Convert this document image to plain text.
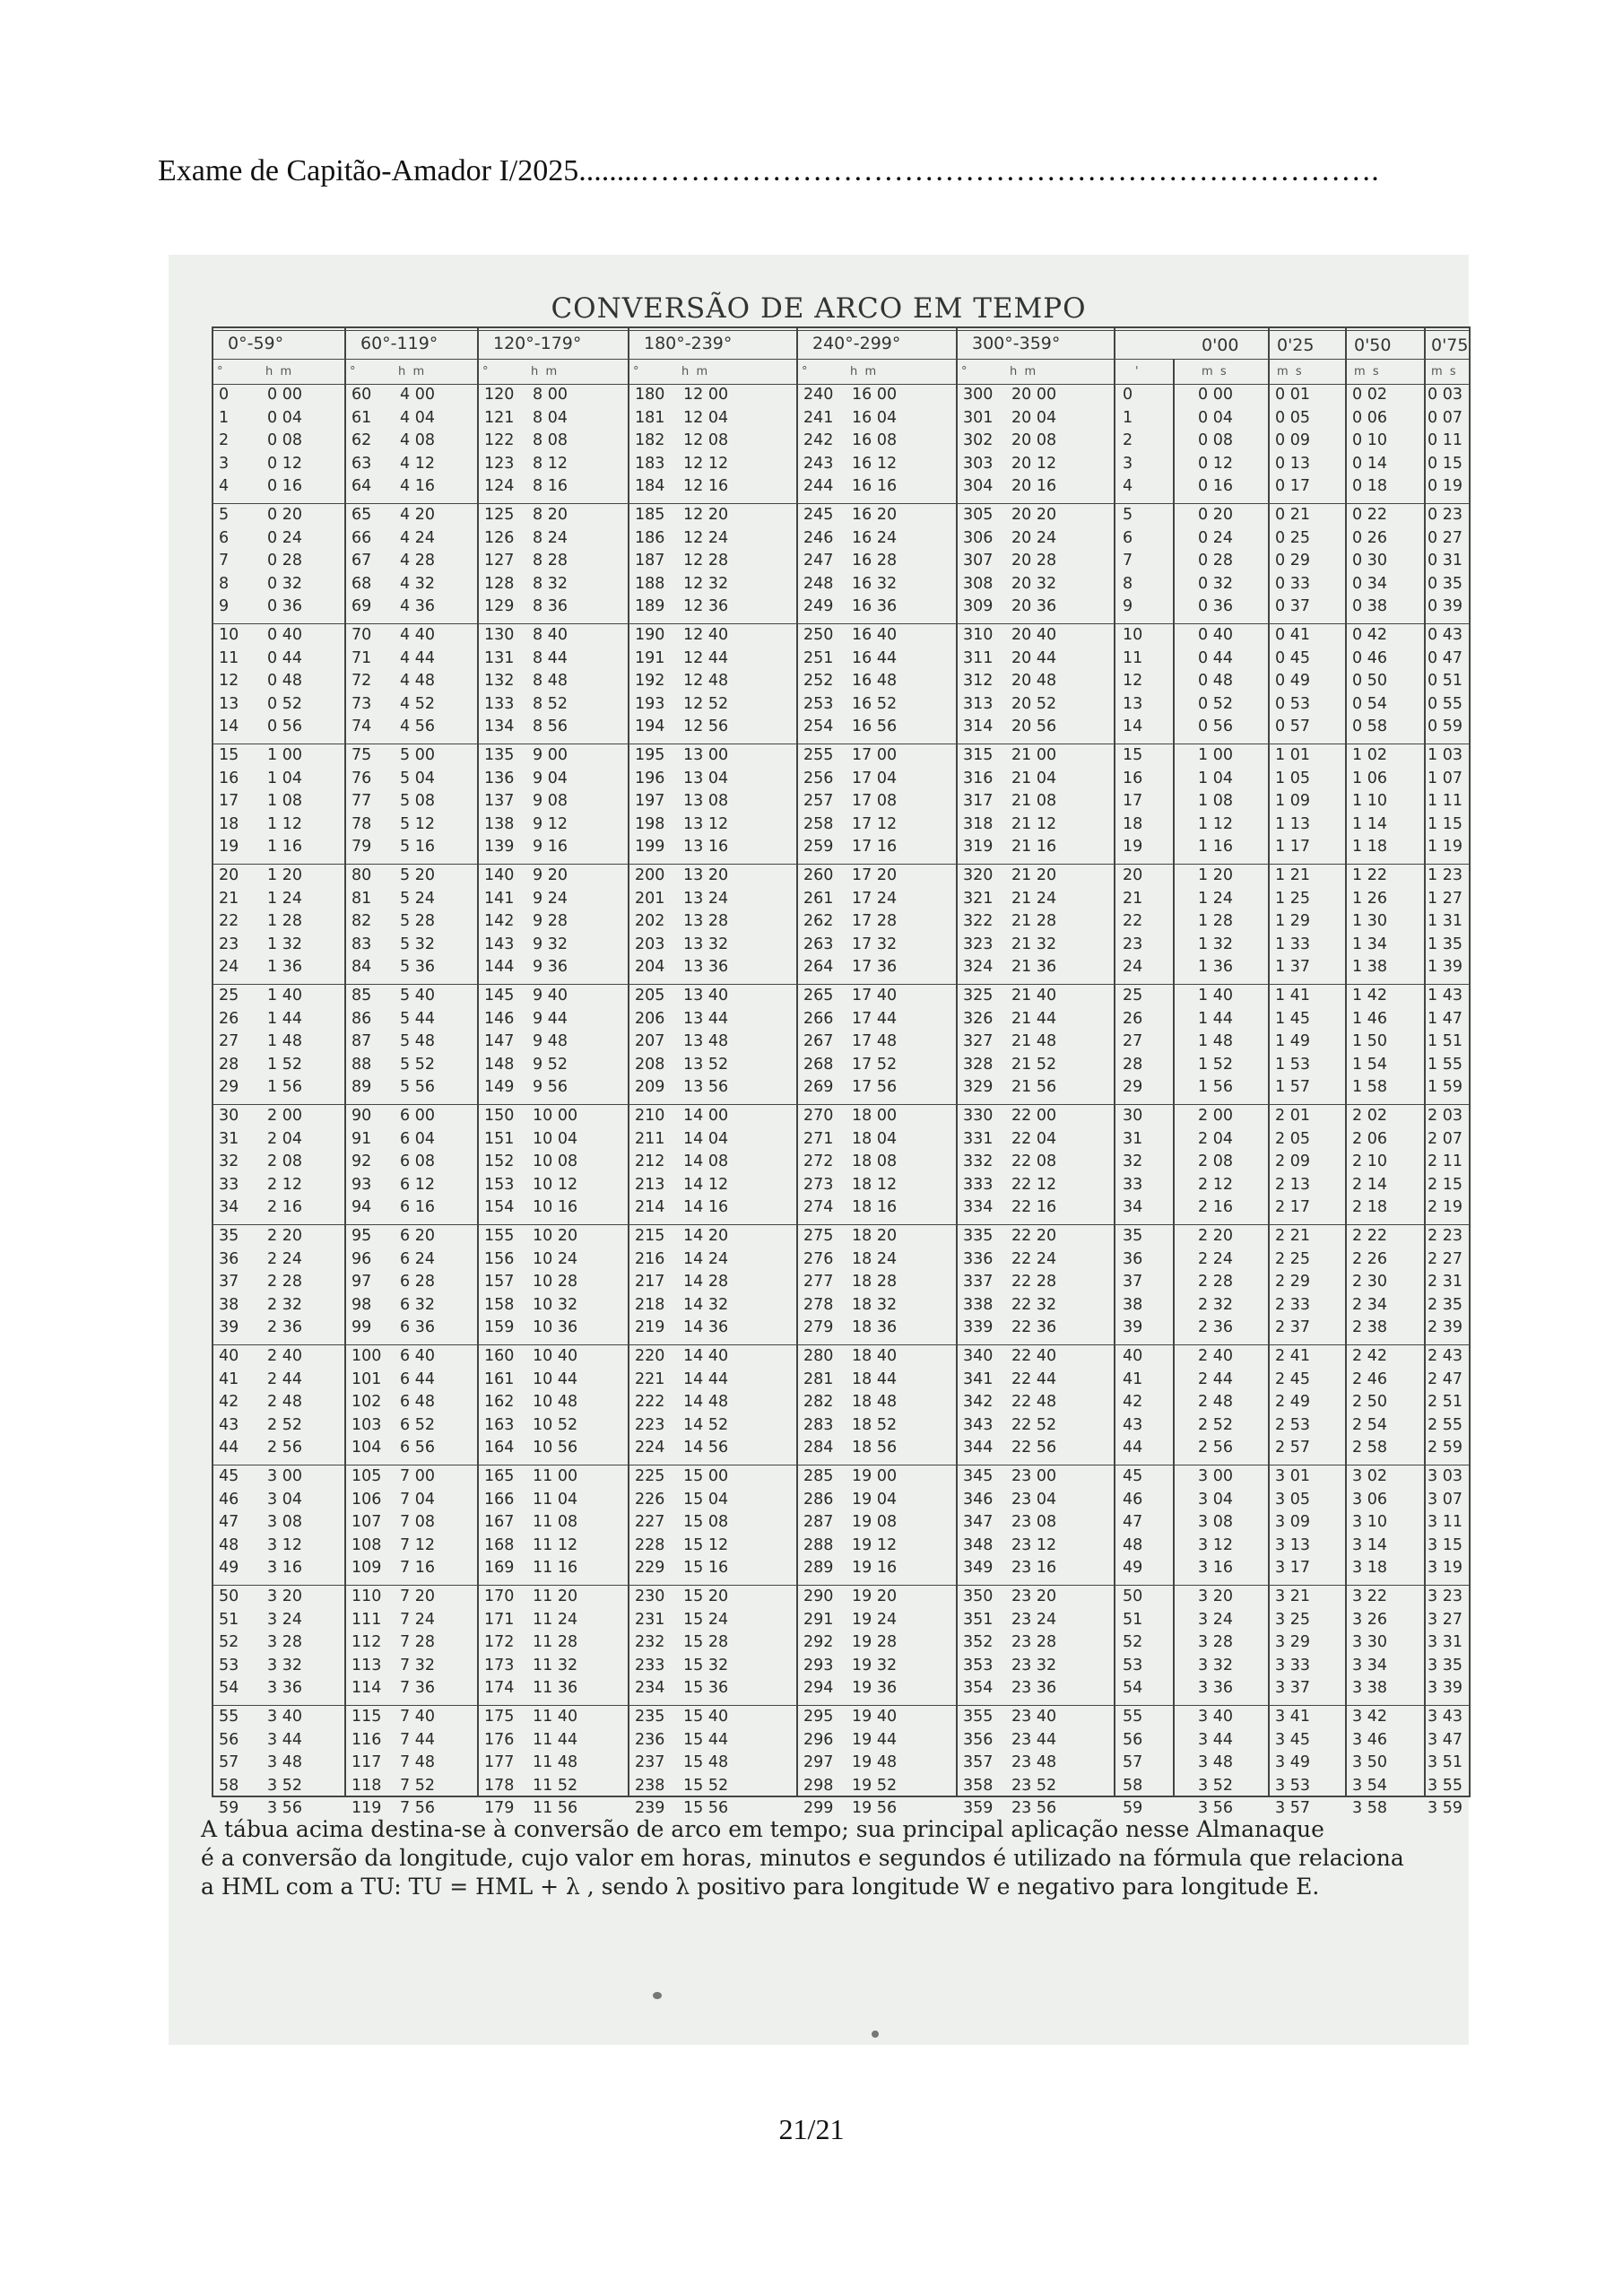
Exame de Capitão-Amador I/2025........……………………………………………………………….
CONVERSÃO DE ARCO EM TEMPO
0°-59°	60°-119°	120°-179°	180°-239°	240°-299°	300°-359°	0'00 0'25 0'50 0'75
°	h  m	°	h  m	°	h  m	°	h  m	°	h  m	°	h  m	'	m  s	m  s	m  s	m  s
0 0 00	60 4 00	120 8 00	180 12 00	240 16 00	300 20 00	0	0 00	0 01	0 02	0 03
1 0 04	61 4 04	121 8 04	181 12 04	241 16 04	301 20 04	1	0 04	0 05	0 06	0 07
2 0 08	62 4 08	122 8 08	182 12 08	242 16 08	302 20 08	2	0 08	0 09	0 10	0 11
3 0 12	63 4 12	123 8 12	183 12 12	243 16 12	303 20 12	3	0 12	0 13	0 14	0 15
4 0 16	64 4 16	124 8 16	184 12 16	244 16 16	304 20 16	4	0 16	0 17	0 18	0 19
5 0 20	65 4 20	125 8 20	185 12 20	245 16 20	305 20 20	5	0 20	0 21	0 22	0 23
6 0 24	66 4 24	126 8 24	186 12 24	246 16 24	306 20 24	6	0 24	0 25	0 26	0 27
7 0 28	67 4 28	127 8 28	187 12 28	247 16 28	307 20 28	7	0 28	0 29	0 30	0 31
8 0 32	68 4 32	128 8 32	188 12 32	248 16 32	308 20 32	8	0 32	0 33	0 34	0 35
9 0 36	69 4 36	129 8 36	189 12 36	249 16 36	309 20 36	9	0 36	0 37	0 38	0 39
10 0 40	70 4 40	130 8 40	190 12 40	250 16 40	310 20 40	10	0 40	0 41	0 42	0 43
11 0 44	71 4 44	131 8 44	191 12 44	251 16 44	311 20 44	11	0 44	0 45	0 46	0 47
12 0 48	72 4 48	132 8 48	192 12 48	252 16 48	312 20 48	12	0 48	0 49	0 50	0 51
13 0 52	73 4 52	133 8 52	193 12 52	253 16 52	313 20 52	13	0 52	0 53	0 54	0 55
14 0 56	74 4 56	134 8 56	194 12 56	254 16 56	314 20 56	14	0 56	0 57	0 58	0 59
15 1 00	75 5 00	135 9 00	195 13 00	255 17 00	315 21 00	15	1 00	1 01	1 02	1 03
16 1 04	76 5 04	136 9 04	196 13 04	256 17 04	316 21 04	16	1 04	1 05	1 06	1 07
17 1 08	77 5 08	137 9 08	197 13 08	257 17 08	317 21 08	17	1 08	1 09	1 10	1 11
18 1 12	78 5 12	138 9 12	198 13 12	258 17 12	318 21 12	18	1 12	1 13	1 14	1 15
19 1 16	79 5 16	139 9 16	199 13 16	259 17 16	319 21 16	19	1 16	1 17	1 18	1 19
20 1 20	80 5 20	140 9 20	200 13 20	260 17 20	320 21 20	20	1 20	1 21	1 22	1 23
21 1 24	81 5 24	141 9 24	201 13 24	261 17 24	321 21 24	21	1 24	1 25	1 26	1 27
22 1 28	82 5 28	142 9 28	202 13 28	262 17 28	322 21 28	22	1 28	1 29	1 30	1 31
23 1 32	83 5 32	143 9 32	203 13 32	263 17 32	323 21 32	23	1 32	1 33	1 34	1 35
24 1 36	84 5 36	144 9 36	204 13 36	264 17 36	324 21 36	24	1 36	1 37	1 38	1 39
25 1 40	85 5 40	145 9 40	205 13 40	265 17 40	325 21 40	25	1 40	1 41	1 42	1 43
26 1 44	86 5 44	146 9 44	206 13 44	266 17 44	326 21 44	26	1 44	1 45	1 46	1 47
27 1 48	87 5 48	147 9 48	207 13 48	267 17 48	327 21 48	27	1 48	1 49	1 50	1 51
28 1 52	88 5 52	148 9 52	208 13 52	268 17 52	328 21 52	28	1 52	1 53	1 54	1 55
29 1 56	89 5 56	149 9 56	209 13 56	269 17 56	329 21 56	29	1 56	1 57	1 58	1 59
30 2 00	90 6 00	150 10 00	210 14 00	270 18 00	330 22 00	30	2 00	2 01	2 02	2 03
31 2 04	91 6 04	151 10 04	211 14 04	271 18 04	331 22 04	31	2 04	2 05	2 06	2 07
32 2 08	92 6 08	152 10 08	212 14 08	272 18 08	332 22 08	32	2 08	2 09	2 10	2 11
33 2 12	93 6 12	153 10 12	213 14 12	273 18 12	333 22 12	33	2 12	2 13	2 14	2 15
34 2 16	94 6 16	154 10 16	214 14 16	274 18 16	334 22 16	34	2 16	2 17	2 18	2 19
35 2 20	95 6 20	155 10 20	215 14 20	275 18 20	335 22 20	35	2 20	2 21	2 22	2 23
36 2 24	96 6 24	156 10 24	216 14 24	276 18 24	336 22 24	36	2 24	2 25	2 26	2 27
37 2 28	97 6 28	157 10 28	217 14 28	277 18 28	337 22 28	37	2 28	2 29	2 30	2 31
38 2 32	98 6 32	158 10 32	218 14 32	278 18 32	338 22 32	38	2 32	2 33	2 34	2 35
39 2 36	99 6 36	159 10 36	219 14 36	279 18 36	339 22 36	39	2 36	2 37	2 38	2 39
40 2 40	100 6 40	160 10 40	220 14 40	280 18 40	340 22 40	40	2 40	2 41	2 42	2 43
41 2 44	101 6 44	161 10 44	221 14 44	281 18 44	341 22 44	41	2 44	2 45	2 46	2 47
42 2 48	102 6 48	162 10 48	222 14 48	282 18 48	342 22 48	42	2 48	2 49	2 50	2 51
43 2 52	103 6 52	163 10 52	223 14 52	283 18 52	343 22 52	43	2 52	2 53	2 54	2 55
44 2 56	104 6 56	164 10 56	224 14 56	284 18 56	344 22 56	44	2 56	2 57	2 58	2 59
45 3 00	105 7 00	165 11 00	225 15 00	285 19 00	345 23 00	45	3 00	3 01	3 02	3 03
46 3 04	106 7 04	166 11 04	226 15 04	286 19 04	346 23 04	46	3 04	3 05	3 06	3 07
47 3 08	107 7 08	167 11 08	227 15 08	287 19 08	347 23 08	47	3 08	3 09	3 10	3 11
48 3 12	108 7 12	168 11 12	228 15 12	288 19 12	348 23 12	48	3 12	3 13	3 14	3 15
49 3 16	109 7 16	169 11 16	229 15 16	289 19 16	349 23 16	49	3 16	3 17	3 18	3 19
50 3 20	110 7 20	170 11 20	230 15 20	290 19 20	350 23 20	50	3 20	3 21	3 22	3 23
51 3 24	111 7 24	171 11 24	231 15 24	291 19 24	351 23 24	51	3 24	3 25	3 26	3 27
52 3 28	112 7 28	172 11 28	232 15 28	292 19 28	352 23 28	52	3 28	3 29	3 30	3 31
53 3 32	113 7 32	173 11 32	233 15 32	293 19 32	353 23 32	53	3 32	3 33	3 34	3 35
54 3 36	114 7 36	174 11 36	234 15 36	294 19 36	354 23 36	54	3 36	3 37	3 38	3 39
55 3 40	115 7 40	175 11 40	235 15 40	295 19 40	355 23 40	55	3 40	3 41	3 42	3 43
56 3 44	116 7 44	176 11 44	236 15 44	296 19 44	356 23 44	56	3 44	3 45	3 46	3 47
57 3 48	117 7 48	177 11 48	237 15 48	297 19 48	357 23 48	57	3 48	3 49	3 50	3 51
58 3 52	118 7 52	178 11 52	238 15 52	298 19 52	358 23 52	58	3 52	3 53	3 54	3 55
59 3 56	119 7 56	179 11 56	239 15 56	299 19 56	359 23 56	59	3 56	3 57	3 58	3 59
A tábua acima destina-se à conversão de arco em tempo; sua principal aplicação nesse Almanaque
é a conversão da longitude, cujo valor em horas, minutos e segundos é utilizado na fórmula que relaciona
a HML com a TU: TU = HML + λ , sendo λ positivo para longitude W e negativo para longitude E.
21/21
